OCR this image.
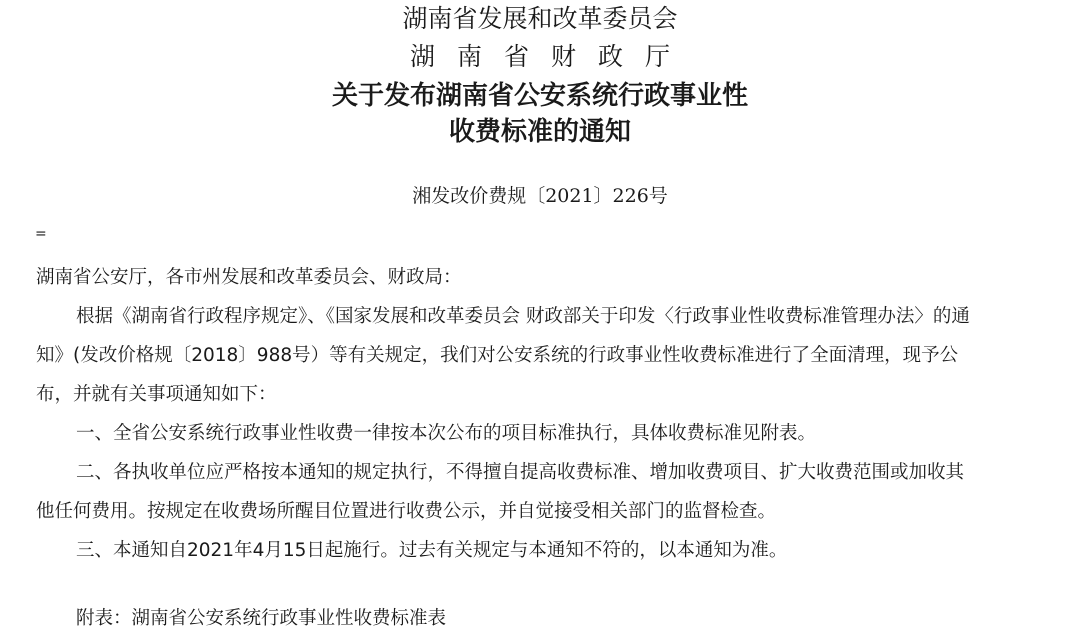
湖南省发展和改革委员会
湖南省财政厅
关于发布湖南省公安系统行政事业性
收费标准的通知
湘发改价费规〔2021〕226号
=
湖南省公安厅，各市州发展和改革委员会、财政局：
根据《湖南省行政程序规定》、《国家发展和改革委员会 财政部关于印发〈行政事业性收费标准管理办法〉的通
知》(发改价格规〔2018〕988号）等有关规定，我们对公安系统的行政事业性收费标准进行了全面清理，现予公
布，并就有关事项通知如下：
一、全省公安系统行政事业性收费一律按本次公布的项目标准执行，具体收费标准见附表。
二、各执收单位应严格按本通知的规定执行，不得擅自提高收费标准、增加收费项目、扩大收费范围或加收其
他任何费用。按规定在收费场所醒目位置进行收费公示，并自觉接受相关部门的监督检查。
三、本通知自2021年4月15日起施行。过去有关规定与本通知不符的，以本通知为准。
附表：湖南省公安系统行政事业性收费标准表
